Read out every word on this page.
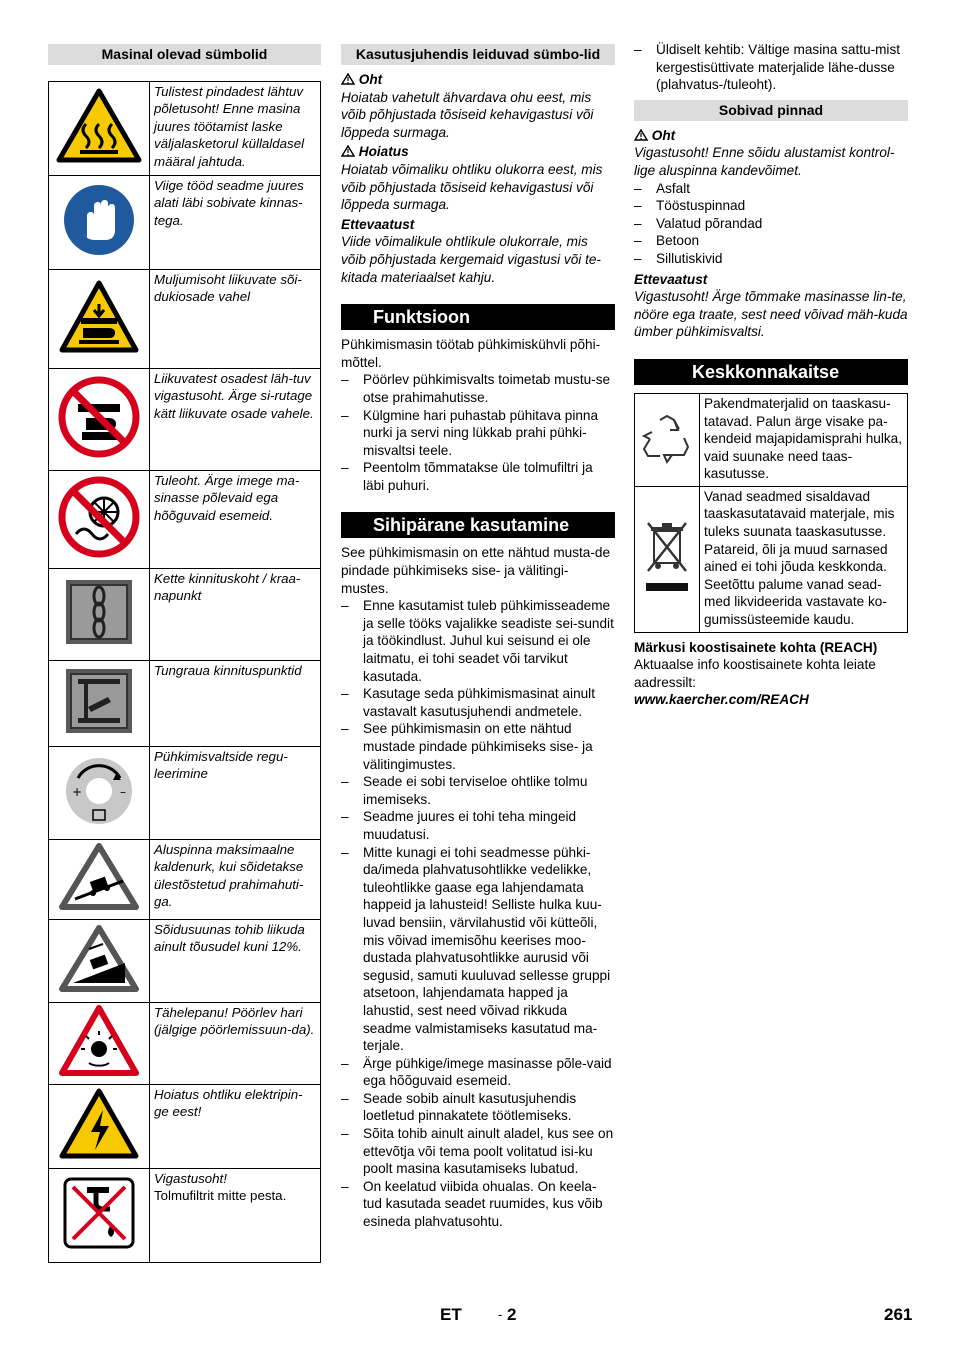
Masinal olevad sümbolid
	Tulistest pindadest lähtuv põletusoht! Enne masina juures töötamist laske väljalasketorul küllaldasel määral jahtuda.
	Viige tööd seadme juures alati läbi sobivate kinnas-tega.
	Muljumisoht liikuvate sõi-dukiosade vahel
	Liikuvatest osadest läh-tuv vigastusoht. Ärge si-rutage kätt liikuvate osade vahele.
	Tuleoht. Ärge imege ma-sinasse põlevaid ega hõõguvaid esemeid.
	Kette kinnituskoht / kraa-napunkt
	Tungraua kinnituspunktid

+ –	Pühkimisvaltside regu-leerimine
	Aluspinna maksimaalne kaldenurk, kui sõidetakse ülestõstetud prahimahuti-ga.
	Sõidusuunas tohib liikuda ainult tõusudel kuni 12%.
	Tähelepanu! Pöörlev hari (jälgige pöörlemissuun-da).
	Hoiatus ohtliku elektripin-ge eest!
	Vigastusoht!
Tolmufiltrit mitte pesta.
Kasutusjuhendis leiduvad sümbo-lid

Oht

Hoiatab vahetult ähvardava ohu eest, mis võib põhjustada tõsiseid kehavigastusi või lõppeda surmaga.

Hoiatus

Hoiatab võimaliku ohtliku olukorra eest, mis võib põhjustada tõsiseid kehavigastusi või lõppeda surmaga.

Ettevaatust

Viide võimalikule ohtlikule olukorrale, mis võib põhjustada kergemaid vigastusi või te-kitada materiaalset kahju.

Funktsioon

Pühkimismasin töötab pühkimiskühvli põhi-mõttel.

– Pöörlev pühkimisvalts toimetab mustu-se otse prahimahutisse.
– Külgmine hari puhastab pühitava pinna nurki ja servi ning lükkab prahi pühki-misvaltsi teele.
– Peentolm tõmmatakse üle tolmufiltri ja läbi puhuri.
Sihipärane kasutamine

See pühkimismasin on ette nähtud musta-de pindade pühkimiseks sise- ja välitingi-mustes.

– Enne kasutamist tuleb pühkimisseademe ja selle tööks vajalikke seadiste sei-sundit ja töökindlust. Juhul kui seisund ei ole laitmatu, ei tohi seadet või tarvikut kasutada.
– Kasutage seda pühkimismasinat ainult vastavalt kasutusjuhendi andmetele.
– See pühkimismasin on ette nähtud mustade pindade pühkimiseks sise- ja välitingimustes.
– Seade ei sobi terviseloe ohtlike tolmu imemiseks.
– Seadme juures ei tohi teha mingeid muudatusi.
– Mitte kunagi ei tohi seadmesse pühki-da/imeda plahvatusohtlikke vedelikke, tuleohtlikke gaase ega lahjendamata happeid ja lahusteid! Selliste hulka kuu-luvad bensiin, värvilahustid või kütteõli, mis võivad imemisõhu keerises moo-dustada plahvatusohtlikke aurusid või segusid, samuti kuuluvad sellesse gruppi atsetoon, lahjendamata happed ja lahustid, sest need võivad rikkuda seadme valmistamiseks kasutatud ma-terjale.
– Ärge pühkige/imege masinasse põle-vaid ega hõõguvaid esemeid.
– Seade sobib ainult kasutusjuhendis loetletud pinnakatete töötlemiseks.
– Sõita tohib ainult ainult aladel, kus see on ettevõtja või tema poolt volitatud isi-ku poolt masina kasutamiseks lubatud.
– On keelatud viibida ohualas. On keela-tud kasutada seadet ruumides, kus võib esineda plahvatusohtu.
– Üldiselt kehtib: Vältige masina sattu-mist kergestisüttivate materjalide lähe-dusse (plahvatus-/tuleoht).
Sobivad pinnad

Oht

Vigastusoht! Enne sõidu alustamist kontrol-lige aluspinna kandevõimet.

– Asfalt
– Tööstuspinnad
– Valatud põrandad
– Betoon
– Sillutiskivid

Ettevaatust

Vigastusoht! Ärge tõmmake masinasse lin-te, nööre ega traate, sest need võivad mäh-kuda ümber pühkimisvaltsi.

Keskkonnakaitse
	Pakendmaterjalid on taaskasu-tatavad. Palun ärge visake pa-kendeid majapidamisprahi hulka, vaid suunake need taas-kasutusse.
	Vanad seadmed sisaldavad taaskasutatavaid materjale, mis tuleks suunata taaskasutusse. Patareid, õli ja muud sarnased ained ei tohi jõuda keskkonda. Seetõttu palume vanad sead-med likvideerida vastavate ko-gumissüsteemide kaudu.

Märkusi koostisainete kohta (REACH)

Aktuaalse info koostisainete kohta leiate aadressilt:

www.kaercher.com/REACH

ET	- 2	261
